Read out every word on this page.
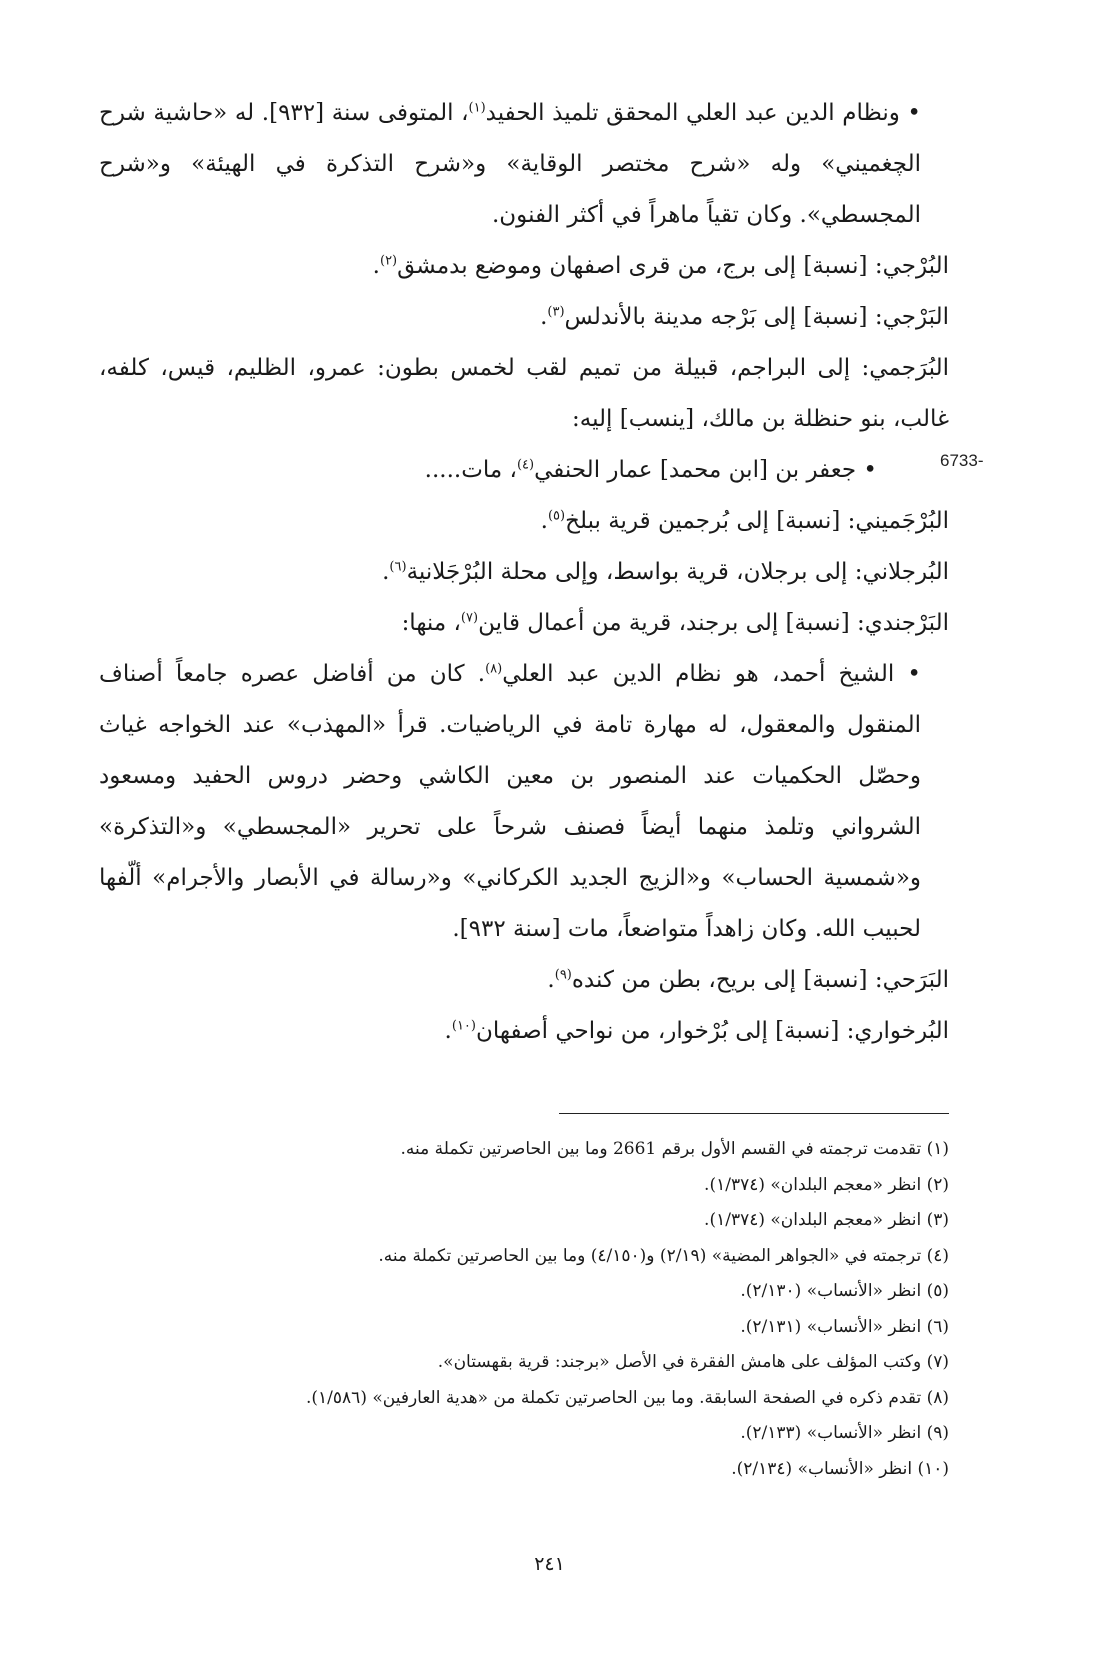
• ونظام الدين عبد العلي المحقق تلميذ الحفيد$^{(١)}$، المتوفى سنة [٩٣٢]. له «حاشية شرح الچغميني» وله «شرح مختصر الوقاية» و«شرح التذكرة في الهيئة» و«شرح المجسطي». وكان تقياً ماهراً في أكثر الفنون.

البُرْجي: [نسبة] إلى برج، من قرى اصفهان وموضع بدمشق$^{(٢)}$.

البَرْجي: [نسبة] إلى بَرْجه مدينة بالأندلس$^{(٣)}$.

البُرَجمي: إلى البراجم، قبيلة من تميم لقب لخمس بطون: عمرو، الظليم، قيس، كلفه، غالب، بنو حنظلة بن مالك، [ينسب] إليه:

• جعفر بن [ابن محمد] عمار الحنفي$^{(٤)}$، مات.....

البُرْجَميني: [نسبة] إلى بُرجمين قرية ببلخ$^{(٥)}$.

البُرجلاني: إلى برجلان، قرية بواسط، وإلى محلة البُرْجَلانية$^{(٦)}$.

البَرْجندي: [نسبة] إلى برجند، قرية من أعمال قاين$^{(٧)}$، منها:

• الشيخ أحمد، هو نظام الدين عبد العلي$^{(٨)}$. كان من أفاضل عصره جامعاً أصناف المنقول والمعقول، له مهارة تامة في الرياضيات. قرأ «المهذب» عند الخواجه غياث وحصّل الحكميات عند المنصور بن معين الكاشي وحضر دروس الحفيد ومسعود الشرواني وتلمذ منهما أيضاً فصنف شرحاً على تحرير «المجسطي» و«التذكرة» و«شمسية الحساب» و«الزيج الجديد الكركاني» و«رسالة في الأبصار والأجرام» ألّفها لحبيب الله. وكان زاهداً متواضعاً، مات [سنة ٩٣٢].

البَرَحي: [نسبة] إلى بريح، بطن من كنده$^{(٩)}$.

البُرخواري: [نسبة] إلى بُرْخوار، من نواحي أصفهان$^{(١٠)}$.

6733-

(١) تقدمت ترجمته في القسم الأول برقم 2661 وما بين الحاصرتين تكملة منه.

(٢) انظر «معجم البلدان» (١/٣٧٤).

(٣) انظر «معجم البلدان» (١/٣٧٤).

(٤) ترجمته في «الجواهر المضية» (٢/١٩) و(٤/١٥٠) وما بين الحاصرتين تكملة منه.

(٥) انظر «الأنساب» (٢/١٣٠).

(٦) انظر «الأنساب» (٢/١٣١).

(٧) وكتب المؤلف على هامش الفقرة في الأصل «برجند: قرية بقهستان».

(٨) تقدم ذكره في الصفحة السابقة. وما بين الحاصرتين تكملة من «هدية العارفين» (١/٥٨٦).

(٩) انظر «الأنساب» (٢/١٣٣).

(١٠) انظر «الأنساب» (٢/١٣٤).

٢٤١
